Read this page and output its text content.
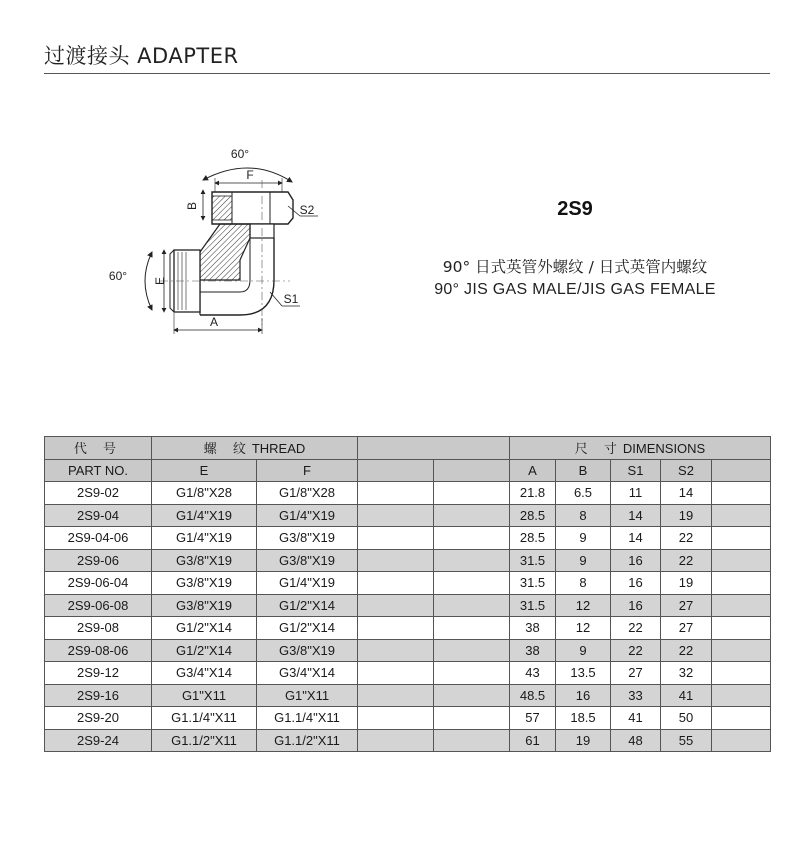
过渡接头 ADAPTER
60°
F
B
E
60°
A
S2
S1
2S9
90° 日式英管外螺纹 / 日式英管内螺纹
90° JIS GAS MALE/JIS GAS FEMALE
代 号	螺 纹THREAD				尺 寸DIMENSIONS				
PART NO.	E	F			A	B	S1	S2	
2S9-02	G1/8"X28	G1/8"X28			21.8	6.5	11	14	
2S9-04	G1/4"X19	G1/4"X19			28.5	8	14	19	
2S9-04-06	G1/4"X19	G3/8"X19			28.5	9	14	22	
2S9-06	G3/8"X19	G3/8"X19			31.5	9	16	22	
2S9-06-04	G3/8"X19	G1/4"X19			31.5	8	16	19	
2S9-06-08	G3/8"X19	G1/2"X14			31.5	12	16	27	
2S9-08	G1/2"X14	G1/2"X14			38	12	22	27	
2S9-08-06	G1/2"X14	G3/8"X19			38	9	22	22	
2S9-12	G3/4"X14	G3/4"X14			43	13.5	27	32	
2S9-16	G1"X11	G1"X11			48.5	16	33	41	
2S9-20	G1.1/4"X11	G1.1/4"X11			57	18.5	41	50	
2S9-24	G1.1/2"X11	G1.1/2"X11			61	19	48	55	
